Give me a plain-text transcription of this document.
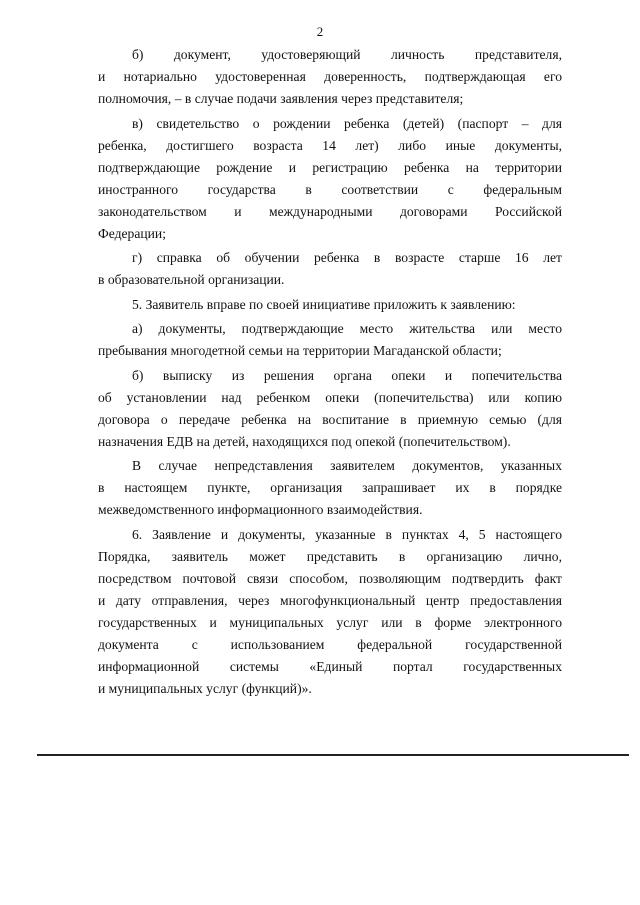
2
б) документ, удостоверяющий личность представителя,
и нотариально удостоверенная доверенность, подтверждающая его
полномочия, – в случае подачи заявления через представителя;
в) свидетельство о рождении ребенка (детей) (паспорт – для
ребенка, достигшего возраста 14 лет) либо иные документы,
подтверждающие рождение и регистрацию ребенка на территории
иностранного государства в соответствии с федеральным
законодательством и международными договорами Российской
Федерации;
г) справка об обучении ребенка в возрасте старше 16 лет
в образовательной организации.
5. Заявитель вправе по своей инициативе приложить к заявлению:
а) документы, подтверждающие место жительства или место
пребывания многодетной семьи на территории Магаданской области;
б) выписку из решения органа опеки и попечительства
об установлении над ребенком опеки (попечительства) или копию
договора о передаче ребенка на воспитание в приемную семью (для
назначения ЕДВ на детей, находящихся под опекой (попечительством).
В случае непредставления заявителем документов, указанных
в настоящем пункте, организация запрашивает их в порядке
межведомственного информационного взаимодействия.
6. Заявление и документы, указанные в пунктах 4, 5 настоящего
Порядка, заявитель может представить в организацию лично,
посредством почтовой связи способом, позволяющим подтвердить факт
и дату отправления, через многофункциональный центр предоставления
государственных и муниципальных услуг или в форме электронного
документа с использованием федеральной государственной
информационной системы «Единый портал государственных
и муниципальных услуг (функций)».
